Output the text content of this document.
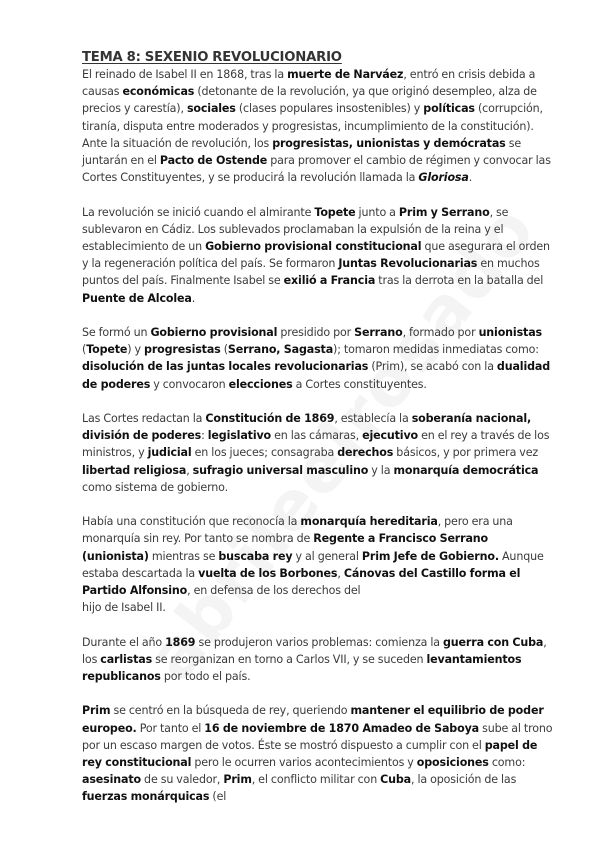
TEMA 8: SEXENIO REVOLUCIONARIO

El reinado de Isabel II en 1868, tras la muerte de Narváez, entró en crisis debida a causas económicas (detonante de la revolución, ya que originó desempleo, alza de precios y carestía), sociales (clases populares insostenibles) y políticas (corrupción, tiranía, disputa entre moderados y progresistas, incumplimiento de la constitución). Ante la situación de revolución, los progresistas, unionistas y demócratas se juntarán en el Pacto de Ostende para promover el cambio de régimen y convocar las Cortes Constituyentes, y se producirá la revolución llamada la Gloriosa.

La revolución se inició cuando el almirante Topete junto a Prim y Serrano, se sublevaron en Cádiz. Los sublevados proclamaban la expulsión de la reina y el establecimiento de un Gobierno provisional constitucional que asegurara el orden y la regeneración política del país. Se formaron Juntas Revolucionarias en muchos puntos del país. Finalmente Isabel se exilió a Francia tras la derrota en la batalla del Puente de Alcolea.

Se formó un Gobierno provisional presidido por Serrano, formado por unionistas (Topete) y progresistas (Serrano, Sagasta); tomaron medidas inmediatas como: disolución de las juntas locales revolucionarias (Prim), se acabó con la dualidad de poderes y convocaron elecciones a Cortes constituyentes.

Las Cortes redactan la Constitución de 1869, establecía la soberanía nacional, división de poderes: legislativo en las cámaras, ejecutivo en el rey a través de los ministros, y judicial en los jueces; consagraba derechos básicos, y por primera vez libertad religiosa, sufragio universal masculino y la monarquía democrática como sistema de gobierno.

Había una constitución que reconocía la monarquía hereditaria, pero era una monarquía sin rey. Por tanto se nombra de Regente a Francisco Serrano (unionista) mientras se buscaba rey y al general Prim Jefe de Gobierno. Aunque estaba descartada la vuelta de los Borbones, Cánovas del Castillo forma el Partido Alfonsino, en defensa de los derechos del
hijo de Isabel II.

Durante el año 1869 se produjeron varios problemas: comienza la guerra con Cuba, los carlistas se reorganizan en torno a Carlos VII, y se suceden levantamientos republicanos por todo el país.

Prim se centró en la búsqueda de rey, queriendo mantener el equilibrio de poder europeo. Por tanto el 16 de noviembre de 1870 Amadeo de Saboya sube al trono por un escaso margen de votos. Éste se mostró dispuesto a cumplir con el papel de rey constitucional pero le ocurren varios acontecimientos y oposiciones como: asesinato de su valedor, Prim, el conflicto militar con Cuba, la oposición de las fuerzas monárquicas (el
